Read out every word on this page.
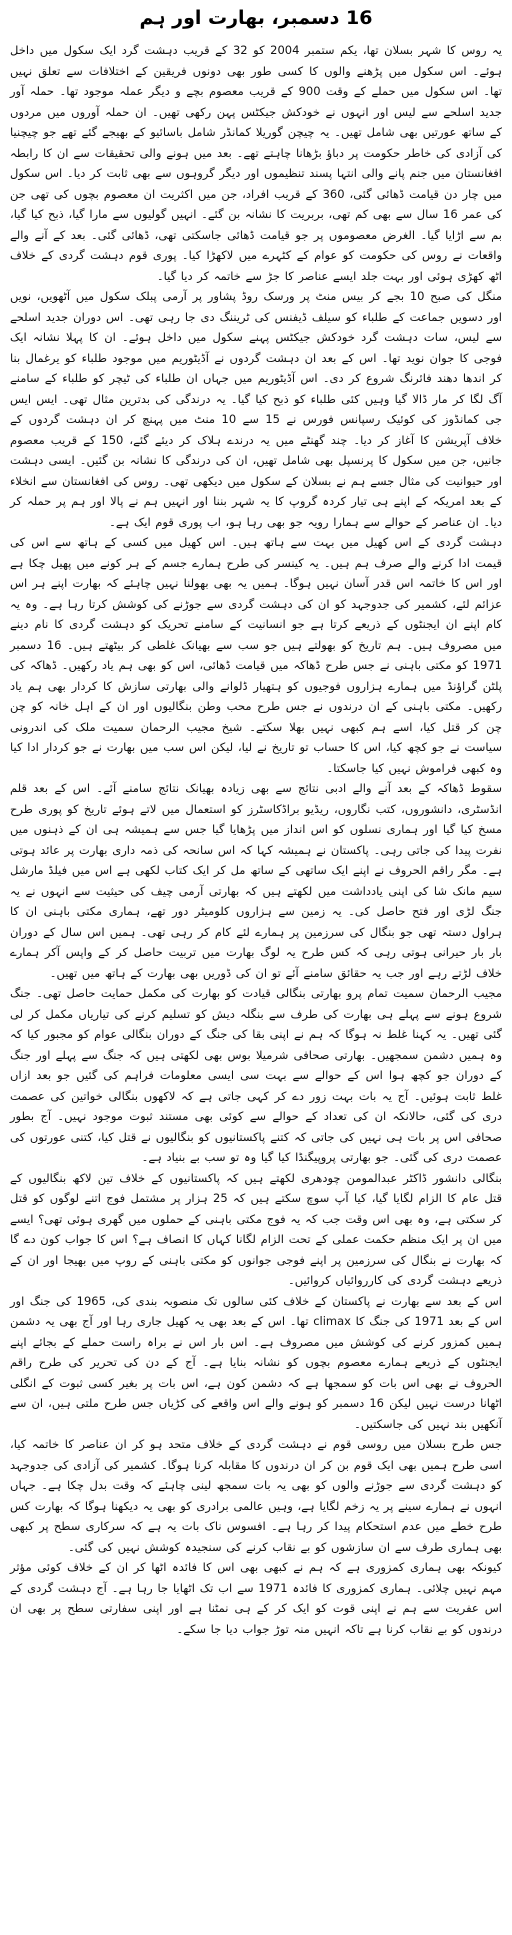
16 دسمبر، بھارت اور ہم

یہ روس کا شہر بسلان تھا، یکم ستمبر 2004 کو 32 کے قریب دہشت گرد ایک سکول میں داخل ہوئے۔ اس سکول میں پڑھنے والوں کا کسی طور بھی دونوں فریقین کے اختلافات سے تعلق نہیں تھا۔ اس سکول میں حملے کے وقت 900 کے قریب معصوم بچے و دیگر عملہ موجود تھا۔ حملہ آور جدید اسلحے سے لیس اور انہوں نے خودکش جیکٹس پہن رکھی تھیں۔ ان حملہ آوروں میں مردوں کے ساتھ عورتیں بھی شامل تھیں۔ یہ چیچن گوریلا کمانڈر شامل باسائیو کے بھیجے گئے تھے جو چیچنیا کی آزادی کی خاطر حکومت پر دباؤ بڑھانا چاہتے تھے۔ بعد میں ہونے والی تحقیقات سے ان کا رابطہ افغانستان میں جنم پانے والی انتہا پسند تنظیموں اور دیگر گروہوں سے بھی ثابت کر دیا۔ اس سکول میں چار دن قیامت ڈھائی گئی، 360 کے قریب افراد، جن میں اکثریت ان معصوم بچوں کی تھی جن کی عمر 16 سال سے بھی کم تھی، بربریت کا نشانہ بن گئے۔ انہیں گولیوں سے مارا گیا، ذبح کیا گیا، بم سے اڑایا گیا۔ الغرض معصوموں پر جو قیامت ڈھائی جاسکتی تھی، ڈھائی گئی۔ بعد کے آنے والے واقعات نے روس کی حکومت کو عوام کے کٹہرے میں لاکھڑا کیا۔ پوری قوم دہشت گردی کے خلاف اٹھ کھڑی ہوئی اور بہت جلد ایسے عناصر کا جڑ سے خاتمہ کر دیا گیا۔

منگل کی صبح 10 بجے کر بیس منٹ پر ورسک روڈ پشاور پر آرمی پبلک سکول میں آٹھویں، نویں اور دسویں جماعت کے طلباء کو سیلف ڈیفنس کی ٹریننگ دی جا رہی تھی۔ اس دوران جدید اسلحے سے لیس، سات دہشت گرد خودکش جیکٹس پہنے سکول میں داخل ہوئے۔ ان کا پہلا نشانہ ایک فوجی کا جوان نوید تھا۔ اس کے بعد ان دہشت گردوں نے آڈیٹوریم میں موجود طلباء کو یرغمال بنا کر اندھا دھند فائرنگ شروع کر دی۔ اس آڈیٹوریم میں جہاں ان طلباء کی ٹیچر کو طلباء کے سامنے آگ لگا کر مار ڈالا گیا وہیں کئی طلباء کو ذبح کیا گیا۔ یہ درندگی کی بدترین مثال تھی۔ ایس ایس جی کمانڈوز کی کوئیک رسپانس فورس نے 15 سے 10 منٹ میں پہنچ کر ان دہشت گردوں کے خلاف آپریشن کا آغاز کر دیا۔ چند گھنٹے میں یہ درندے ہلاک کر دیئے گئے، 150 کے قریب معصوم جانیں، جن میں سکول کا پرنسپل بھی شامل تھیں، ان کی درندگی کا نشانہ بن گئیں۔ ایسی دہشت اور حیوانیت کی مثال جسے ہم نے بسلان کے سکول میں دیکھی تھی۔ روس کی افغانستان سے انخلاء کے بعد امریکہ کے اپنے ہی تیار کردہ گروپ کا یہ شہر بننا اور انہیں ہم نے پالا اور ہم پر حملہ کر دیا۔ ان عناصر کے حوالے سے ہمارا رویہ جو بھی رہا ہو، اب پوری قوم ایک ہے۔

دہشت گردی کے اس کھیل میں بہت سے ہاتھ ہیں۔ اس کھیل میں کسی کے ہاتھ سے اس کی قیمت ادا کرنے والے صرف ہم ہیں۔ یہ کینسر کی طرح ہمارے جسم کے ہر کونے میں پھیل چکا ہے اور اس کا خاتمہ اس قدر آسان نہیں ہوگا۔ ہمیں یہ بھی بھولنا نہیں چاہئے کہ بھارت اپنے ہر اس عزائم لئے، کشمیر کی جدوجہد کو ان کی دہشت گردی سے جوڑنے کی کوشش کرتا رہا ہے۔ وہ یہ کام اپنے ان ایجنٹوں کے ذریعے کرتا ہے جو انسانیت کے سامنے تحریک کو دہشت گردی کا نام دینے میں مصروف ہیں۔ ہم تاریخ کو بھولتے ہیں جو سب سے بھیانک غلطی کر بیٹھتے ہیں۔ 16 دسمبر 1971 کو مکتی باہنی نے جس طرح ڈھاکہ میں قیامت ڈھائی، اس کو بھی ہم یاد رکھیں۔ ڈھاکہ کی پلٹن گراؤنڈ میں ہمارے ہزاروں فوجیوں کو ہتھیار ڈلوانے والی بھارتی سازش کا کردار بھی ہم یاد رکھیں۔ مکتی باہنی کے ان درندوں نے جس طرح محب وطن بنگالیوں اور ان کے اہل خانہ کو چن چن کر قتل کیا، اسے ہم کبھی نہیں بھلا سکتے۔ شیخ مجیب الرحمان سمیت ملک کی اندرونی سیاست نے جو کچھ کیا، اس کا حساب تو تاریخ نے لیا، لیکن اس سب میں بھارت نے جو کردار ادا کیا وہ کبھی فراموش نہیں کیا جاسکتا۔

سقوط ڈھاکہ کے بعد آنے والے ادبی نتائج سے بھی زیادہ بھیانک نتائج سامنے آئے۔ اس کے بعد قلم انڈسٹری، دانشوروں، کتب نگاروں، ریڈیو براڈکاسٹرز کو استعمال میں لاتے ہوئے تاریخ کو پوری طرح مسخ کیا گیا اور ہماری نسلوں کو اس انداز میں پڑھایا گیا جس سے ہمیشہ ہی ان کے ذہنوں میں نفرت پیدا کی جاتی رہی۔ پاکستان نے ہمیشہ کہا کہ اس سانحہ کی ذمہ داری بھارت پر عائد ہوتی ہے۔ مگر راقم الحروف نے اپنے ایک ساتھی کے ساتھ مل کر ایک کتاب لکھی ہے اس میں فیلڈ مارشل سیم مانک شا کی اپنی یادداشت میں لکھتے ہیں کہ بھارتی آرمی چیف کی حیثیت سے انہوں نے یہ جنگ لڑی اور فتح حاصل کی۔ یہ زمین سے ہزاروں کلومیٹر دور تھے، ہماری مکتی باہنی ان کا ہراول دستہ تھی جو بنگال کی سرزمین پر ہمارے لئے کام کر رہی تھی۔ ہمیں اس سال کے دوران بار بار حیرانی ہوتی رہی کہ کس طرح یہ لوگ بھارت میں تربیت حاصل کر کے واپس آکر ہمارے خلاف لڑتے رہے اور جب یہ حقائق سامنے آئے تو ان کی ڈوریں بھی بھارت کے ہاتھ میں تھیں۔

مجیب الرحمان سمیت تمام پرو بھارتی بنگالی قیادت کو بھارت کی مکمل حمایت حاصل تھی۔ جنگ شروع ہونے سے پہلے ہی بھارت کی طرف سے بنگلہ دیش کو تسلیم کرنے کی تیاریاں مکمل کر لی گئی تھیں۔ یہ کہنا غلط نہ ہوگا کہ ہم نے اپنی بقا کی جنگ کے دوران بنگالی عوام کو مجبور کیا کہ وہ ہمیں دشمن سمجھیں۔ بھارتی صحافی شرمیلا بوس بھی لکھتی ہیں کہ جنگ سے پہلے اور جنگ کے دوران جو کچھ ہوا اس کے حوالے سے بہت سی ایسی معلومات فراہم کی گئیں جو بعد ازاں غلط ثابت ہوئیں۔ آج یہ بات بہت زور دے کر کہی جاتی ہے کہ لاکھوں بنگالی خواتین کی عصمت دری کی گئی، حالانکہ ان کی تعداد کے حوالے سے کوئی بھی مستند ثبوت موجود نہیں۔ آج بطور صحافی اس پر بات ہی نہیں کی جاتی کہ کتنے پاکستانیوں کو بنگالیوں نے قتل کیا، کتنی عورتوں کی عصمت دری کی گئی۔ جو بھارتی پروپیگنڈا کیا گیا وہ تو سب بے بنیاد ہے۔

بنگالی دانشور ڈاکٹر عبدالمومن چودھری لکھتے ہیں کہ پاکستانیوں کے خلاف تین لاکھ بنگالیوں کے قتل عام کا الزام لگایا گیا، کیا آپ سوچ سکتے ہیں کہ 25 ہزار پر مشتمل فوج اتنے لوگوں کو قتل کر سکتی ہے، وہ بھی اس وقت جب کہ یہ فوج مکتی باہنی کے حملوں میں گھری ہوئی تھی؟ ایسے میں ان پر ایک منظم حکمت عملی کے تحت الزام لگانا کہاں کا انصاف ہے؟ اس کا جواب کون دے گا کہ بھارت نے بنگال کی سرزمین پر اپنے فوجی جوانوں کو مکتی باہنی کے روپ میں بھیجا اور ان کے ذریعے دہشت گردی کی کارروائیاں کروائیں۔

اس کے بعد سے بھارت نے پاکستان کے خلاف کئی سالوں تک منصوبہ بندی کی، 1965 کی جنگ اور اس کے بعد 1971 کی جنگ کا climax تھا۔ اس کے بعد بھی یہ کھیل جاری رہا اور آج بھی یہ دشمن ہمیں کمزور کرنے کی کوشش میں مصروف ہے۔ اس بار اس نے براہ راست حملے کے بجائے اپنے ایجنٹوں کے ذریعے ہمارے معصوم بچوں کو نشانہ بنایا ہے۔ آج کے دن کی تحریر کی طرح راقم الحروف نے بھی اس بات کو سمجھا ہے کہ دشمن کون ہے، اس بات پر بغیر کسی ثبوت کے انگلی اٹھانا درست نہیں لیکن 16 دسمبر کو ہونے والے اس واقعے کی کڑیاں جس طرح ملتی ہیں، ان سے آنکھیں بند نہیں کی جاسکتیں۔

جس طرح بسلان میں روسی قوم نے دہشت گردی کے خلاف متحد ہو کر ان عناصر کا خاتمہ کیا، اسی طرح ہمیں بھی ایک قوم بن کر ان درندوں کا مقابلہ کرنا ہوگا۔ کشمیر کی آزادی کی جدوجہد کو دہشت گردی سے جوڑنے والوں کو بھی یہ بات سمجھ لینی چاہئے کہ وقت بدل چکا ہے۔ جہاں انہوں نے ہمارے سینے پر یہ زخم لگایا ہے، وہیں عالمی برادری کو بھی یہ دیکھنا ہوگا کہ بھارت کس طرح خطے میں عدم استحکام پیدا کر رہا ہے۔ افسوس ناک بات یہ ہے کہ سرکاری سطح پر کبھی بھی ہماری طرف سے ان سازشوں کو بے نقاب کرنے کی سنجیدہ کوشش نہیں کی گئی۔

کیونکہ بھی ہماری کمزوری ہے کہ ہم نے کبھی بھی اس کا فائدہ اٹھا کر ان کے خلاف کوئی مؤثر مہم نہیں چلائی۔ ہماری کمزوری کا فائدہ 1971 سے اب تک اٹھایا جا رہا ہے۔ آج دہشت گردی کے اس عفریت سے ہم نے اپنی قوت کو ایک کر کے ہی نمٹنا ہے اور اپنی سفارتی سطح پر بھی ان درندوں کو بے نقاب کرنا ہے تاکہ انہیں منہ توڑ جواب دیا جا سکے۔
